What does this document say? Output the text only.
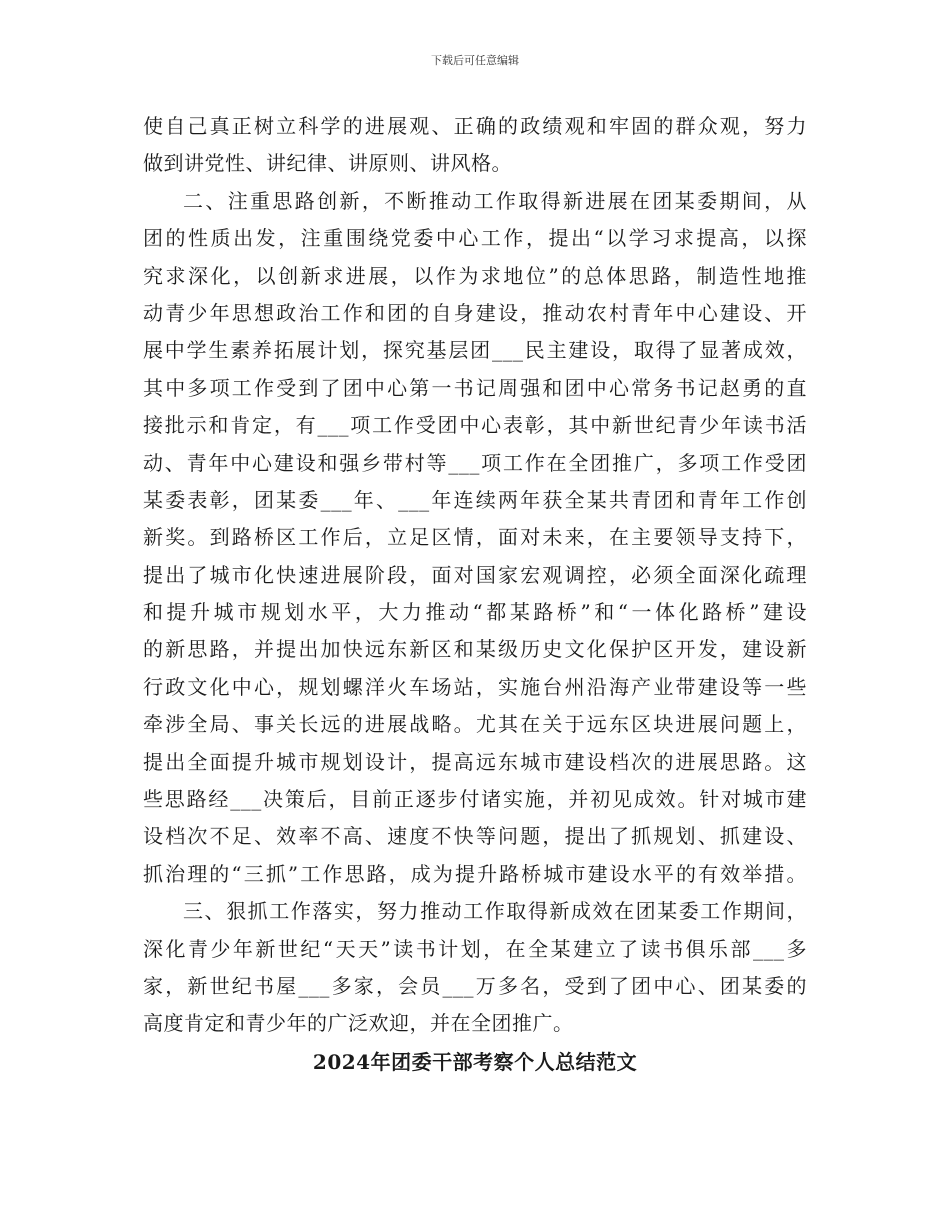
下载后可任意编辑
使自己真正树立科学的进展观、正确的政绩观和牢固的群众观，努力
做到讲党性、讲纪律、讲原则、讲风格。
二、注重思路创新，不断推动工作取得新进展在团某委期间，从
团的性质出发，注重围绕党委中心工作，提出“以学习求提高，以探
究求深化，以创新求进展，以作为求地位”的总体思路，制造性地推
动青少年思想政治工作和团的自身建设，推动农村青年中心建设、开
展中学生素养拓展计划，探究基层团___民主建设，取得了显著成效，
其中多项工作受到了团中心第一书记周强和团中心常务书记赵勇的直
接批示和肯定，有___项工作受团中心表彰，其中新世纪青少年读书活
动、青年中心建设和强乡带村等___项工作在全团推广，多项工作受团
某委表彰，团某委___年、___年连续两年获全某共青团和青年工作创
新奖。到路桥区工作后，立足区情，面对未来，在主要领导支持下，
提出了城市化快速进展阶段，面对国家宏观调控，必须全面深化疏理
和提升城市规划水平，大力推动“都某路桥”和“一体化路桥”建设
的新思路，并提出加快远东新区和某级历史文化保护区开发，建设新
行政文化中心，规划螺洋火车场站，实施台州沿海产业带建设等一些
牵涉全局、事关长远的进展战略。尤其在关于远东区块进展问题上，
提出全面提升城市规划设计，提高远东城市建设档次的进展思路。这
些思路经___决策后，目前正逐步付诸实施，并初见成效。针对城市建
设档次不足、效率不高、速度不快等问题，提出了抓规划、抓建设、
抓治理的“三抓”工作思路，成为提升路桥城市建设水平的有效举措。
三、狠抓工作落实，努力推动工作取得新成效在团某委工作期间，
深化青少年新世纪“天天”读书计划，在全某建立了读书俱乐部___多
家，新世纪书屋___多家，会员___万多名，受到了团中心、团某委的
高度肯定和青少年的广泛欢迎，并在全团推广。
2024年团委干部考察个人总结范文
